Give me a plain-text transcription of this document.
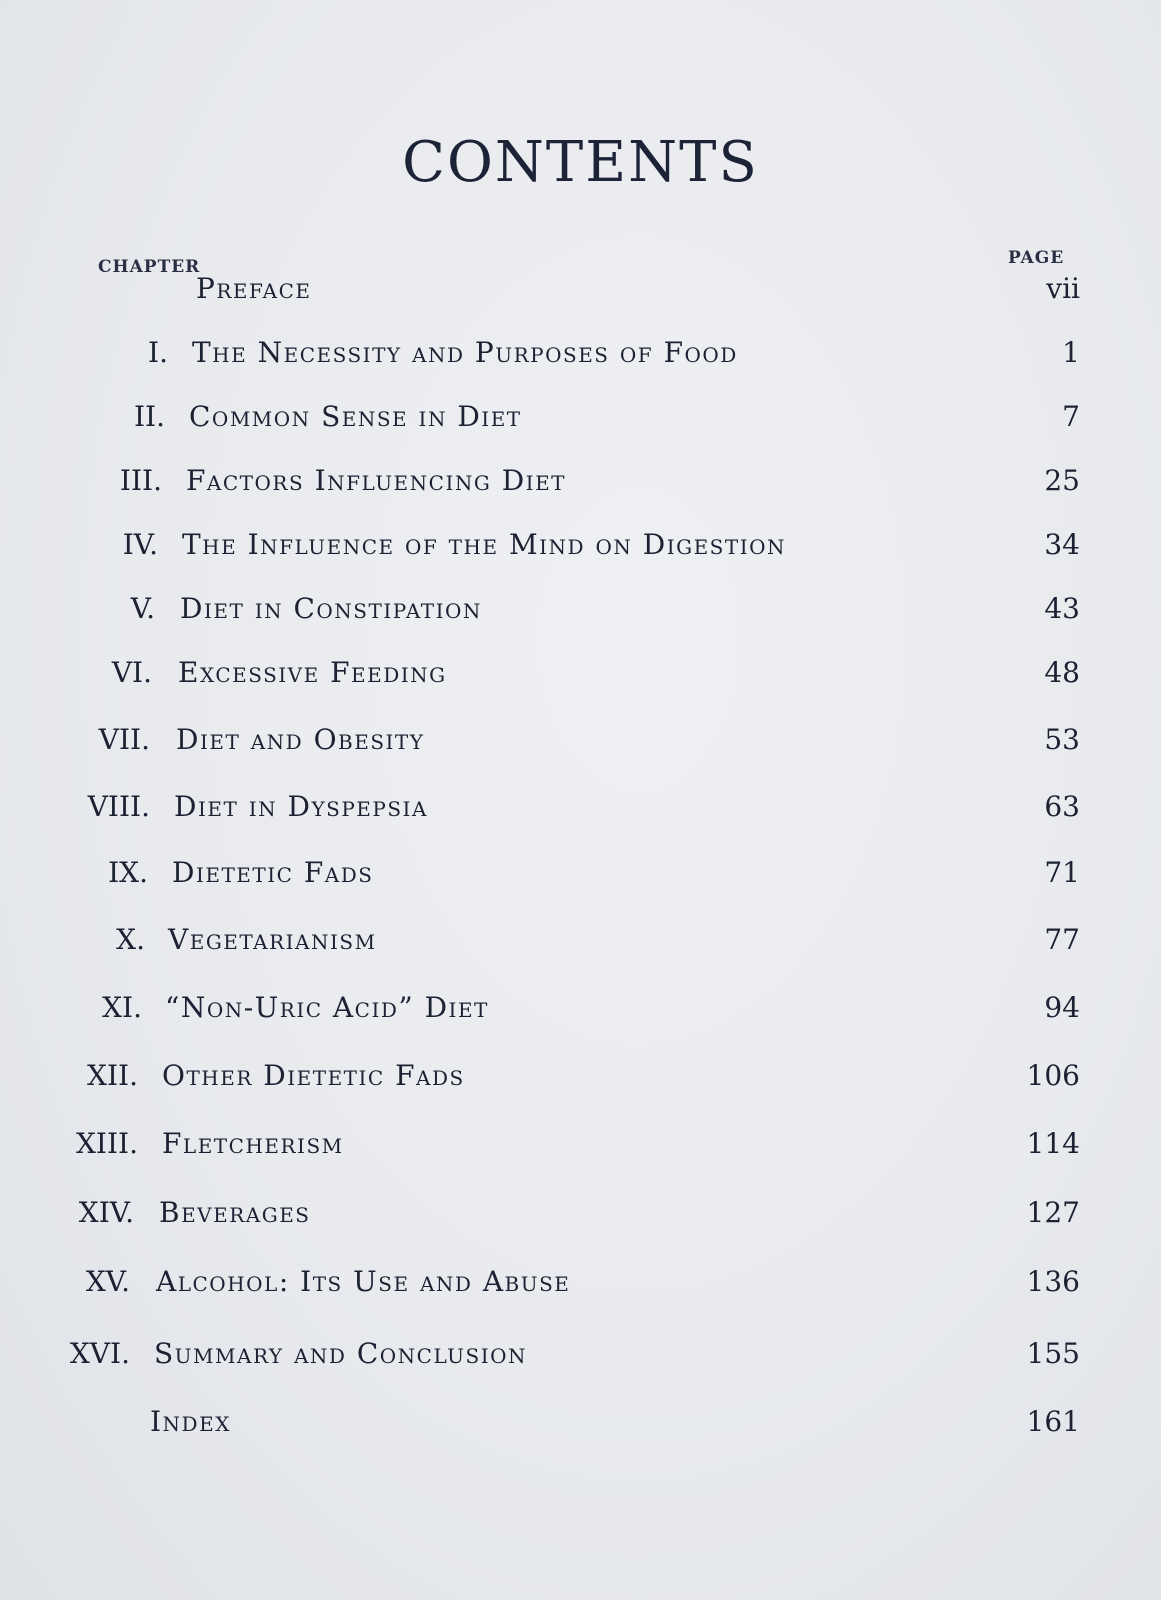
CONTENTS
CHAPTER	PAGE
Preface	vii
I. The Necessity and Purposes of Food	1
II. Common Sense in Diet	7
III. Factors Influencing Diet	25
IV. The Influence of the Mind on Digestion	34
V. Diet in Constipation	43
VI. Excessive Feeding	48
VII. Diet and Obesity	53
VIII. Diet in Dyspepsia	63
IX. Dietetic Fads	71
X. Vegetarianism	77
XI. “Non-Uric Acid” Diet	94
XII. Other Dietetic Fads	106
XIII. Fletcherism	114
XIV. Beverages	127
XV. Alcohol: Its Use and Abuse	136
XVI. Summary and Conclusion	155
Index	161
